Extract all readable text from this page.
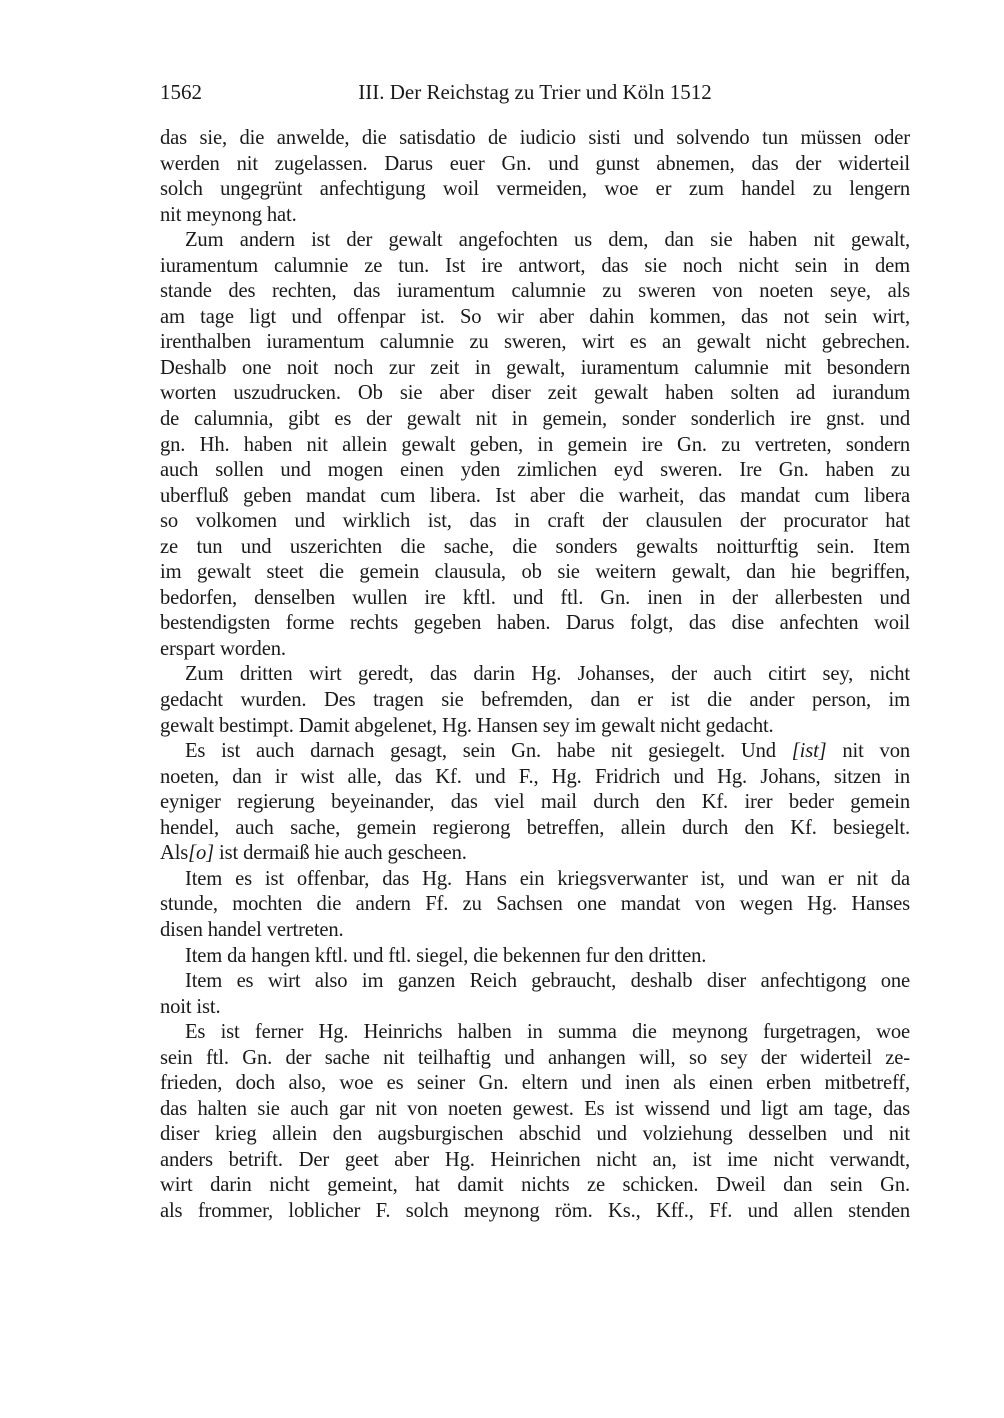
1562	III. Der Reichstag zu Trier und Köln 1512
das sie, die anwelde, die satisdatio de iudicio sisti und solvendo tun müssen oder
werden nit zugelassen. Darus euer Gn. und gunst abnemen, das der widerteil
solch ungegrünt anfechtigung woil vermeiden, woe er zum handel zu lengern
nit meynong hat.
Zum andern ist der gewalt angefochten us dem, dan sie haben nit gewalt,
iuramentum calumnie ze tun. Ist ire antwort, das sie noch nicht sein in dem
stande des rechten, das iuramentum calumnie zu sweren von noeten seye, als
am tage ligt und offenpar ist. So wir aber dahin kommen, das not sein wirt,
irenthalben iuramentum calumnie zu sweren, wirt es an gewalt nicht gebrechen.
Deshalb one noit noch zur zeit in gewalt, iuramentum calumnie mit besondern
worten uszudrucken. Ob sie aber diser zeit gewalt haben solten ad iurandum
de calumnia, gibt es der gewalt nit in gemein, sonder sonderlich ire gnst. und
gn. Hh. haben nit allein gewalt geben, in gemein ire Gn. zu vertreten, sondern
auch sollen und mogen einen yden zimlichen eyd sweren. Ire Gn. haben zu
uberfluß geben mandat cum libera. Ist aber die warheit, das mandat cum libera
so volkomen und wirklich ist, das in craft der clausulen der procurator hat
ze tun und uszerichten die sache, die sonders gewalts noitturftig sein. Item
im gewalt steet die gemein clausula, ob sie weitern gewalt, dan hie begriffen,
bedorfen, denselben wullen ire kftl. und ftl. Gn. inen in der allerbesten und
bestendigsten forme rechts gegeben haben. Darus folgt, das dise anfechten woil
erspart worden.
Zum dritten wirt geredt, das darin Hg. Johanses, der auch citirt sey, nicht
gedacht wurden. Des tragen sie befremden, dan er ist die ander person, im
gewalt bestimpt. Damit abgelenet, Hg. Hansen sey im gewalt nicht gedacht.
Es ist auch darnach gesagt, sein Gn. habe nit gesiegelt. Und [ist] nit von
noeten, dan ir wist alle, das Kf. und F., Hg. Fridrich und Hg. Johans, sitzen in
eyniger regierung beyeinander, das viel mail durch den Kf. irer beder gemein
hendel, auch sache, gemein regierong betreffen, allein durch den Kf. besiegelt.
Als[o] ist dermaiß hie auch gescheen.
Item es ist offenbar, das Hg. Hans ein kriegsverwanter ist, und wan er nit da
stunde, mochten die andern Ff. zu Sachsen one mandat von wegen Hg. Hanses
disen handel vertreten.
Item da hangen kftl. und ftl. siegel, die bekennen fur den dritten.
Item es wirt also im ganzen Reich gebraucht, deshalb diser anfechtigong one
noit ist.
Es ist ferner Hg. Heinrichs halben in summa die meynong furgetragen, woe
sein ftl. Gn. der sache nit teilhaftig und anhangen will, so sey der widerteil ze-
frieden, doch also, woe es seiner Gn. eltern und inen als einen erben mitbetreff,
das halten sie auch gar nit von noeten gewest. Es ist wissend und ligt am tage, das
diser krieg allein den augsburgischen abschid und volziehung desselben und nit
anders betrift. Der geet aber Hg. Heinrichen nicht an, ist ime nicht verwandt,
wirt darin nicht gemeint, hat damit nichts ze schicken. Dweil dan sein Gn.
als frommer, loblicher F. solch meynong röm. Ks., Kff., Ff. und allen stenden
